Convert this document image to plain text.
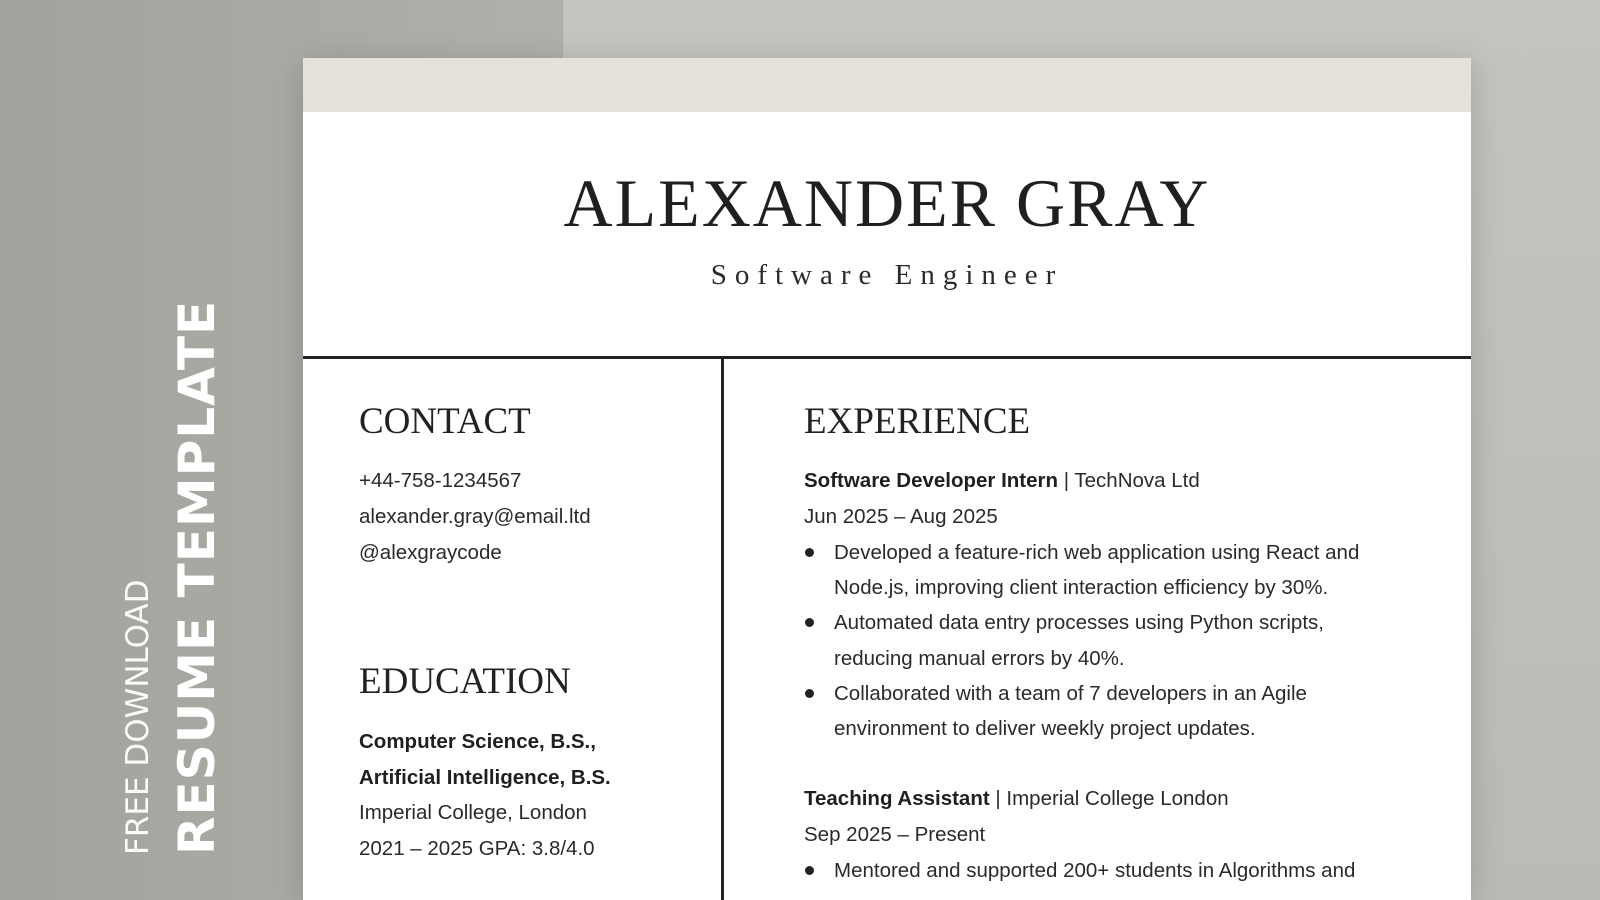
FREE DOWNLOAD RESUME TEMPLATE
ALEXANDER GRAY
Software Engineer
CONTACT
+44-758-1234567
alexander.gray@email.ltd
@alexgraycode
EDUCATION
Computer Science, B.S.,
Artificial Intelligence, B.S.
Imperial College, London
2021 – 2025 GPA: 3.8/4.0
EXPERIENCE
Software Developer Intern | TechNova Ltd
Jun 2025 – Aug 2025
Developed a feature-rich web application using React and
Node.js, improving client interaction efficiency by 30%.
Automated data entry processes using Python scripts,
reducing manual errors by 40%.
Collaborated with a team of 7 developers in an Agile
environment to deliver weekly project updates.
Teaching Assistant | Imperial College London
Sep 2025 – Present
Mentored and supported 200+ students in Algorithms and
